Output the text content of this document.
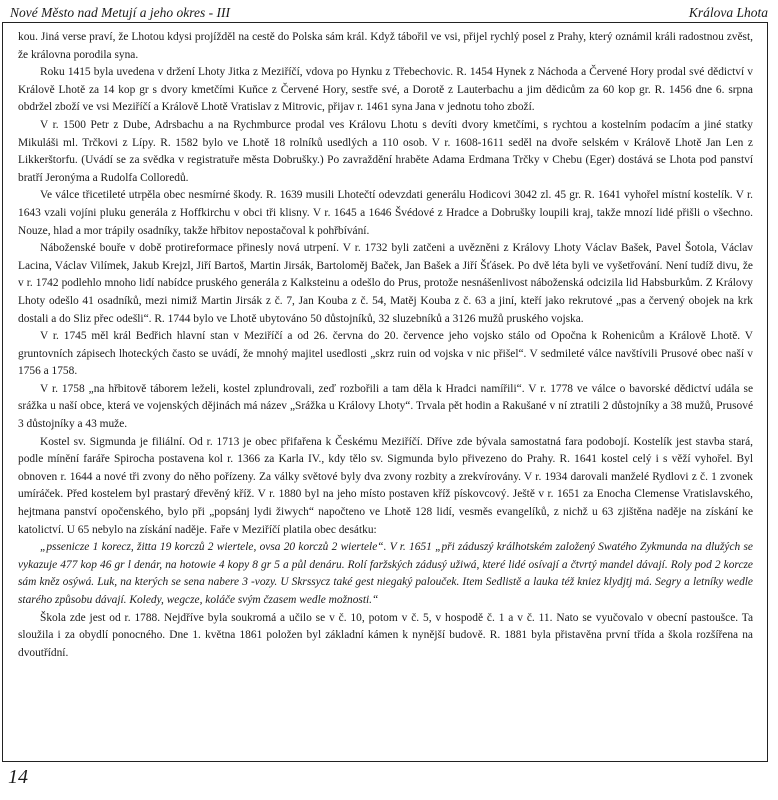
Nové Město nad Metují a jeho okres - III	Králova Lhota

kou. Jiná verse praví, že Lhotou kdysi projížděl na cestě do Polska sám král. Když tábořil ve vsi, přijel rychlý posel z Prahy, který oznámil králi radostnou zvěst, že královna porodila syna.

Roku 1415 byla uvedena v držení Lhoty Jitka z Meziříčí, vdova po Hynku z Třebechovic. R. 1454 Hynek z Náchoda a Červené Hory prodal své dědictví v Králově Lhotě za 14 kop gr s dvory kmetčími Kuňce z Červené Hory, sestře své, a Dorotě z Lauterbachu a jim dědicům za 60 kop gr. R. 1456 dne 6. srpna obdržel zboží ve vsi Meziříčí a Králově Lhotě Vratislav z Mitrovic, přijav r. 1461 syna Jana v jednotu toho zboží.

V r. 1500 Petr z Dube, Adrsbachu a na Rychmburce prodal ves Královu Lhotu s devíti dvory kmetčími, s rychtou a kostelním podacím a jiné statky Mikuláši ml. Trčkovi z Lípy. R. 1582 bylo ve Lhotě 18 rolníků usedlých a 110 osob. V r. 1608-1611 seděl na dvoře selském v Králově Lhotě Jan Len z Likkerštorfu. (Uvádí se za svědka v registratuře města Dobrušky.) Po zavraždění hraběte Adama Erdmana Trčky v Chebu (Eger) dostává se Lhota pod panství bratří Jeronýma a Rudolfa Colloredů.

Ve válce třicetileté utrpěla obec nesmírné škody. R. 1639 musili Lhotečtí odevzdati generálu Hodicovi 3042 zl. 45 gr. R. 1641 vyhořel místní kostelík. V r. 1643 vzali vojíni pluku generála z Hoffkirchu v obci tři klisny. V r. 1645 a 1646 Švédové z Hradce a Dobrušky loupili kraj, takže mnozí lidé přišli o všechno. Nouze, hlad a mor trápily osadníky, takže hřbitov nepostačoval k pohřbívání.

Náboženské bouře v době protireformace přinesly nová utrpení. V r. 1732 byli zatčeni a uvězněni z Královy Lhoty Václav Bašek, Pavel Šotola, Václav Lacina, Václav Vilímek, Jakub Krejzl, Jiří Bartoš, Martin Jirsák, Bartoloměj Baček, Jan Bašek a Jiří Šťásek. Po dvě léta byli ve vyšetřování. Není tudíž divu, že v r. 1742 podlehlo mnoho lidí nabídce pruského generála z Kalksteinu a odešlo do Prus, protože nesnášenlivost náboženská odcizila lid Habsburkům. Z Královy Lhoty odešlo 41 osadníků, mezi nimiž Martin Jirsák z č. 7, Jan Kouba z č. 54, Matěj Kouba z č. 63 a jiní, kteří jako rekrutové „pas a červený obojek na krk dostali a do Sliz přec odešli“. R. 1744 bylo ve Lhotě ubytováno 50 důstojníků, 32 sluzebníků a 3126 mužů pruského vojska.

V r. 1745 měl král Bedřich hlavní stan v Meziříčí a od 26. června do 20. července jeho vojsko stálo od Opočna k Rohenicům a Králově Lhotě. V gruntovních zápisech lhoteckých často se uvádí, že mnohý majitel usedlosti „skrz ruin od vojska v nic přišel“. V sedmileté válce navštívili Prusové obec naší v 1756 a 1758.

V r. 1758 „na hřbitově táborem leželi, kostel zplundrovali, zeď rozbořili a tam děla k Hradci namířili“. V r. 1778 ve válce o bavorské dědictví udála se srážka u naší obce, která ve vojenských dějinách má název „Srážka u Královy Lhoty“. Trvala pět hodin a Rakušané v ní ztratili 2 důstojníky a 38 mužů, Prusové 3 důstojníky a 43 muže.

Kostel sv. Sigmunda je filiální. Od r. 1713 je obec přifařena k Českému Meziříčí. Dříve zde bývala samostatná fara podobojí. Kostelík jest stavba stará, podle mínění faráře Spirocha postavena kol r. 1366 za Karla IV., kdy tělo sv. Sigmunda bylo přivezeno do Prahy. R. 1641 kostel celý i s věží vyhořel. Byl obnoven r. 1644 a nové tři zvony do něho pořízeny. Za války světové byly dva zvony rozbity a zrekvírovány. V r. 1934 darovali manželé Rydlovi z č. 1 zvonek umíráček. Před kostelem byl prastarý dřevěný kříž. V r. 1880 byl na jeho místo postaven kříž pískovcový. Ještě v r. 1651 za Enocha Clemense Vratislavského, hejtmana panství opočenského, bylo při „popsánj lydi žiwych“ napočteno ve Lhotě 128 lidí, vesměs evangelíků, z nichž u 63 zjištěna naděje na získání ke katolictví. U 65 nebylo na získání naděje. Faře v Meziříčí platila obec desátku:

„pssenicze 1 korecz, žitta 19 korczů 2 wiertele, ovsa 20 korczů 2 wiertele“. V r. 1651 „při záduszý králhotském založený Swatého Zykmunda na dlužých se vykazuje 477 kop 46 gr l denár, na hotowie 4 kopy 8 gr 5 a půl denáru. Rolí faržských zádusý užiwá, které lidé osívají a čtvrtý mandel dávají. Roly pod 2 korcze sám kněz osýwá. Luk, na kterých se sena nabere 3 -vozy. U Skrssycz také gest niegaký palouček. Item Sedlistě a lauka též kniez klydjtj má. Segry a letníky wedle starého způsobu dávají. Koledy, wegcze, koláče svým čzasem wedle možnosti.“

Škola zde jest od r. 1788. Nejdříve byla soukromá a učilo se v č. 10, potom v č. 5, v hospodě č. 1 a v č. 11. Nato se vyučovalo v obecní pastoušce. Ta sloužila i za obydlí ponocného. Dne 1. května 1861 položen byl základní kámen k nynější budově. R. 1881 byla přistavěna první třída a škola rozšířena na dvoutřídní.

14
